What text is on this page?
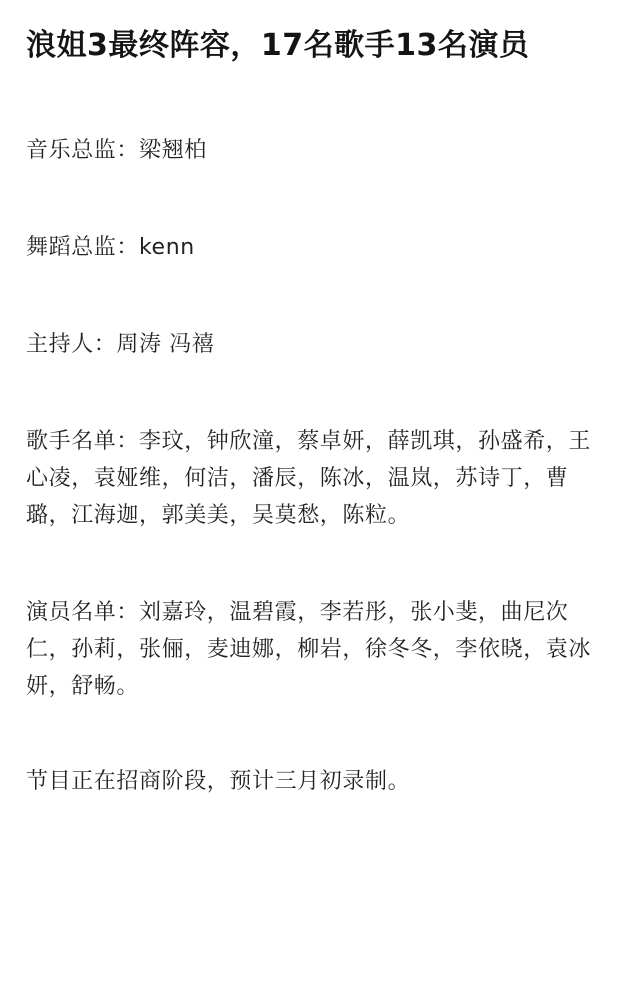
浪姐3最终阵容，17名歌手13名演员

音乐总监：梁翘柏

舞蹈总监：kenn

主持人：周涛 冯禧

歌手名单：李玟，钟欣潼，蔡卓妍，薛凯琪，孙盛希，王心凌，袁娅维，何洁，潘辰，陈冰，温岚，苏诗丁，曹璐，江海迦，郭美美，吴莫愁，陈粒。

演员名单：刘嘉玲，温碧霞，李若彤，张小斐，曲尼次仁，孙莉，张俪，麦迪娜，柳岩，徐冬冬，李依晓，袁冰妍，舒畅。

节目正在招商阶段，预计三月初录制。
